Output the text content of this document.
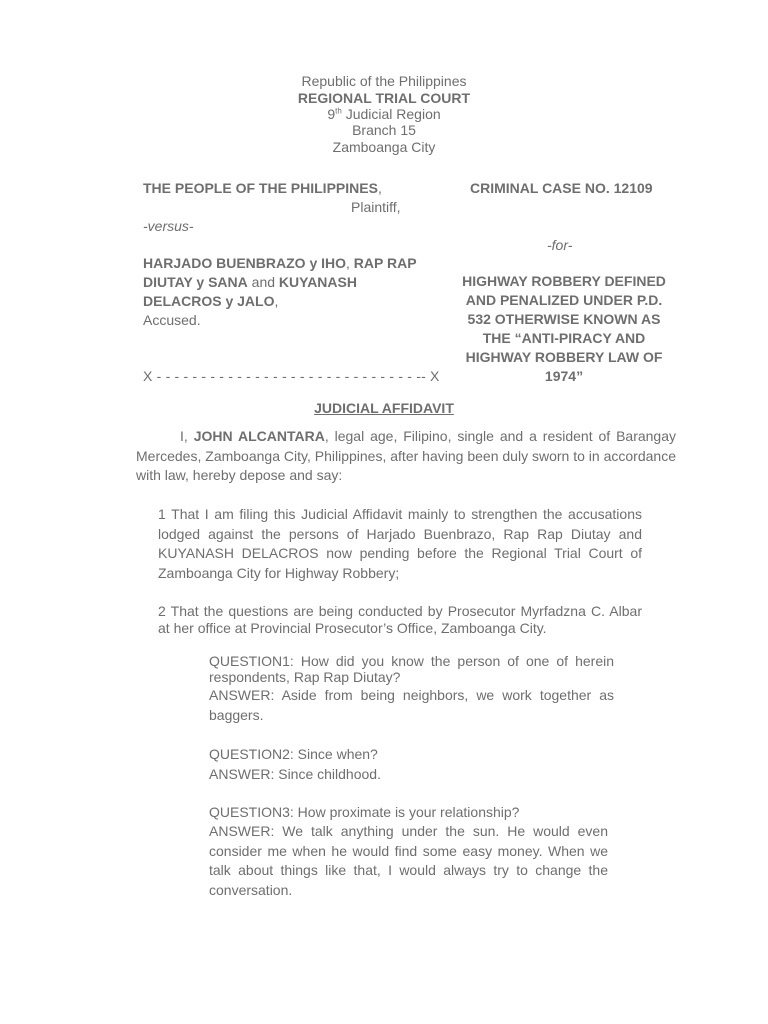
Republic of the Philippines
REGIONAL TRIAL COURT
9th Judicial Region
Branch 15
Zamboanga City
THE PEOPLE OF THE PHILIPPINES,
Plaintiff,
-versus-
HARJADO BUENBRAZO y IHO, RAP RAP
DIUTAY y SANA and KUYANASH
DELACROS y JALO,
Accused.
X - - - - - - - - - - - - - - - - - - - - - - - - - - - - - -- X
CRIMINAL CASE NO. 12109
-for-
HIGHWAY ROBBERY DEFINED
AND PENALIZED UNDER P.D.
532 OTHERWISE KNOWN AS
THE “ANTI-PIRACY AND
HIGHWAY ROBBERY LAW OF
1974”
JUDICIAL AFFIDAVIT
I, JOHN ALCANTARA, legal age, Filipino, single and a resident of Barangay Mercedes, Zamboanga City, Philippines, after having been duly sworn to in accordance with law, hereby depose and say:
1 That I am filing this Judicial Affidavit mainly to strengthen the accusations lodged against the persons of Harjado Buenbrazo, Rap Rap Diutay and KUYANASH DELACROS now pending before the Regional Trial Court of Zamboanga City for Highway Robbery;
2 That the questions are being conducted by Prosecutor Myrfadzna C. Albar at her office at Provincial Prosecutor’s Office, Zamboanga City.
QUESTION1: How did you know the person of one of herein respondents, Rap Rap Diutay?
ANSWER: Aside from being neighbors, we work together as baggers.
QUESTION2: Since when?
ANSWER: Since childhood.
QUESTION3: How proximate is your relationship?
ANSWER: We talk anything under the sun. He would even consider me when he would find some easy money. When we talk about things like that, I would always try to change the conversation.
